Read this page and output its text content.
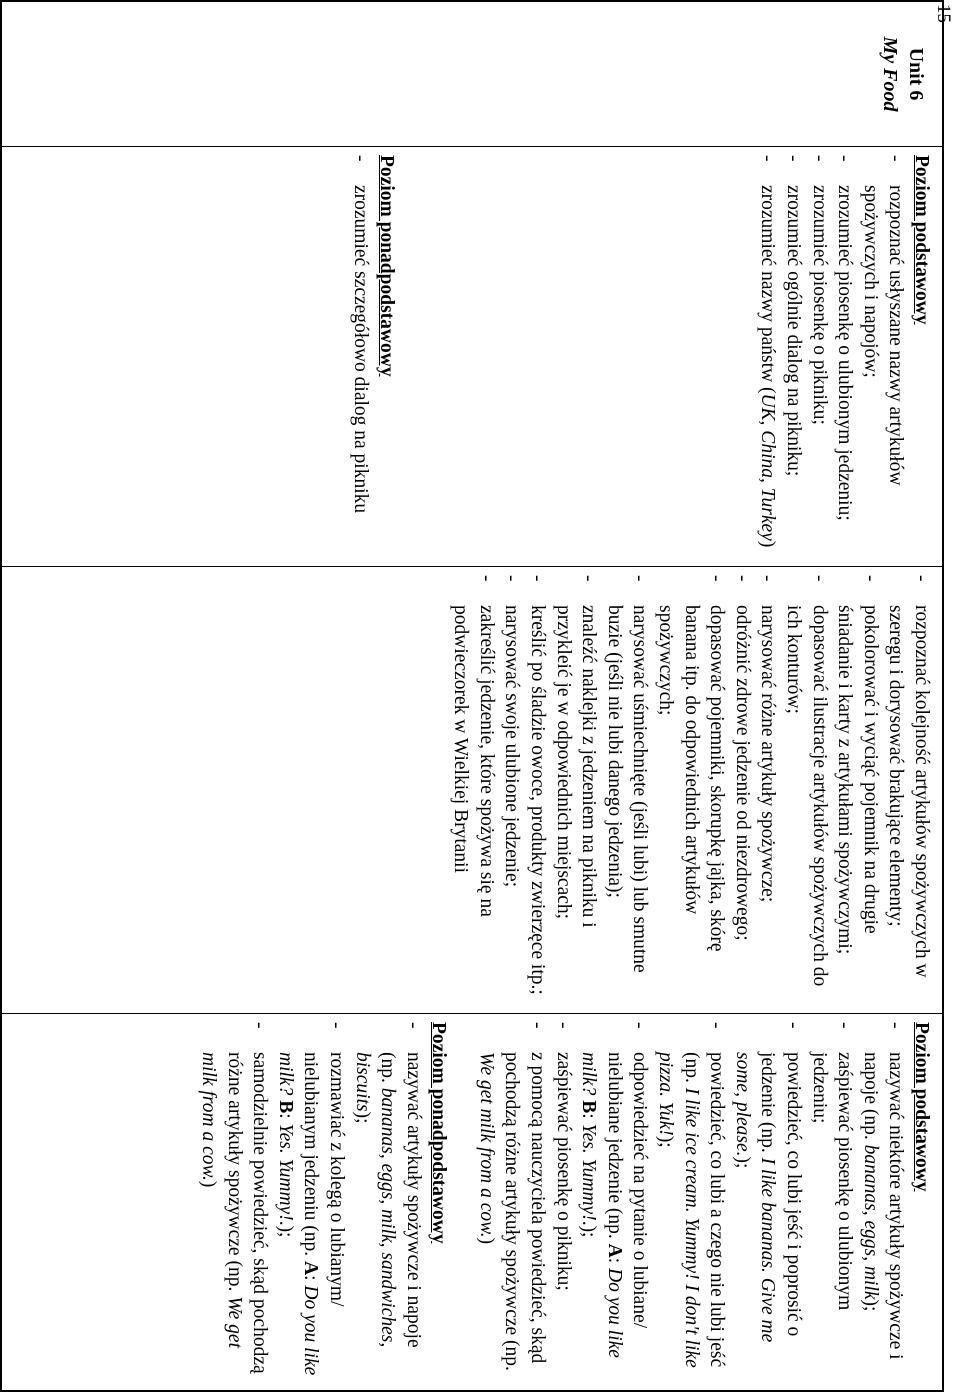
15
Unit 6
My Food

Poziom podstawowy
- rozpoznać usłyszane nazwy artykułów spożywczych i napojów;
- zrozumieć piosenkę o ulubionym jedzeniu;
- zrozumieć piosenkę o pikniku;
- zrozumieć ogólnie dialog na pikniku;
- zrozumieć nazwy państw (UK, China, Turkey)
Poziom ponadpodstawowy
- zrozumieć szczegółowo dialog na pikniku

- rozpoznać kolejność artykułów spożywczych w szeregu i dorysować brakujące elementy;
- pokolorować i wyciąć pojemnik na drugie śniadanie i karty z artykułami spożywczymi;
- dopasować ilustracje artykułów spożywczych do ich konturów;
- narysować różne artykuły spożywcze;
- odróżnić zdrowe jedzenie od niezdrowego;
- dopasować pojemniki, skorupkę jajka, skórę banana itp. do odpowiednich artykułów spożywczych;
- narysować uśmiechnięte (jeśli lubi) lub smutne buzie (jeśli nie lubi danego jedzenia);
- znaleźć naklejki z jedzeniem na pikniku i przykleić je w odpowiednich miejscach;
- kreślić po śladzie owoce, produkty zwierzęce itp.;
- narysować swoje ulubione jedzenie;
- zakreślić jedzenie, które spożywa się na podwieczorek w Wielkiej Brytanii

Poziom podstawowy
- nazywać niektóre artykuły spożywcze i napoje (np. bananas, eggs, milk);
- zaśpiewać piosenkę o ulubionym jedzeniu;
- powiedzieć, co lubi jeść i poprosić o jedzenie (np. I like bananas. Give me some, please.);
- powiedzieć, co lubi a czego nie lubi jeść (np. I like ice cream. Yummy! I don't like pizza. Yuk!);
- odpowiedzieć na pytanie o lubiane/ nielubiane jedzenie (np. A: Do you like milk? B: Yes. Yummy!.);
- zaśpiewać piosenkę o pikniku;
- z pomocą nauczyciela powiedzieć, skąd pochodzą różne artykuły spożywcze (np. We get milk from a cow.)
Poziom ponadpodstawowy
- nazywać artykuły spożywcze i napoje (np. bananas, eggs, milk, sandwiches, biscuits);
- rozmawiać z kolegą o lubianym/ nielubianym jedzeniu (np. A: Do you like milk? B: Yes. Yummy!.);
- samodzielnie powiedzieć, skąd pochodzą różne artykuły spożywcze (np. We get milk from a cow.)
